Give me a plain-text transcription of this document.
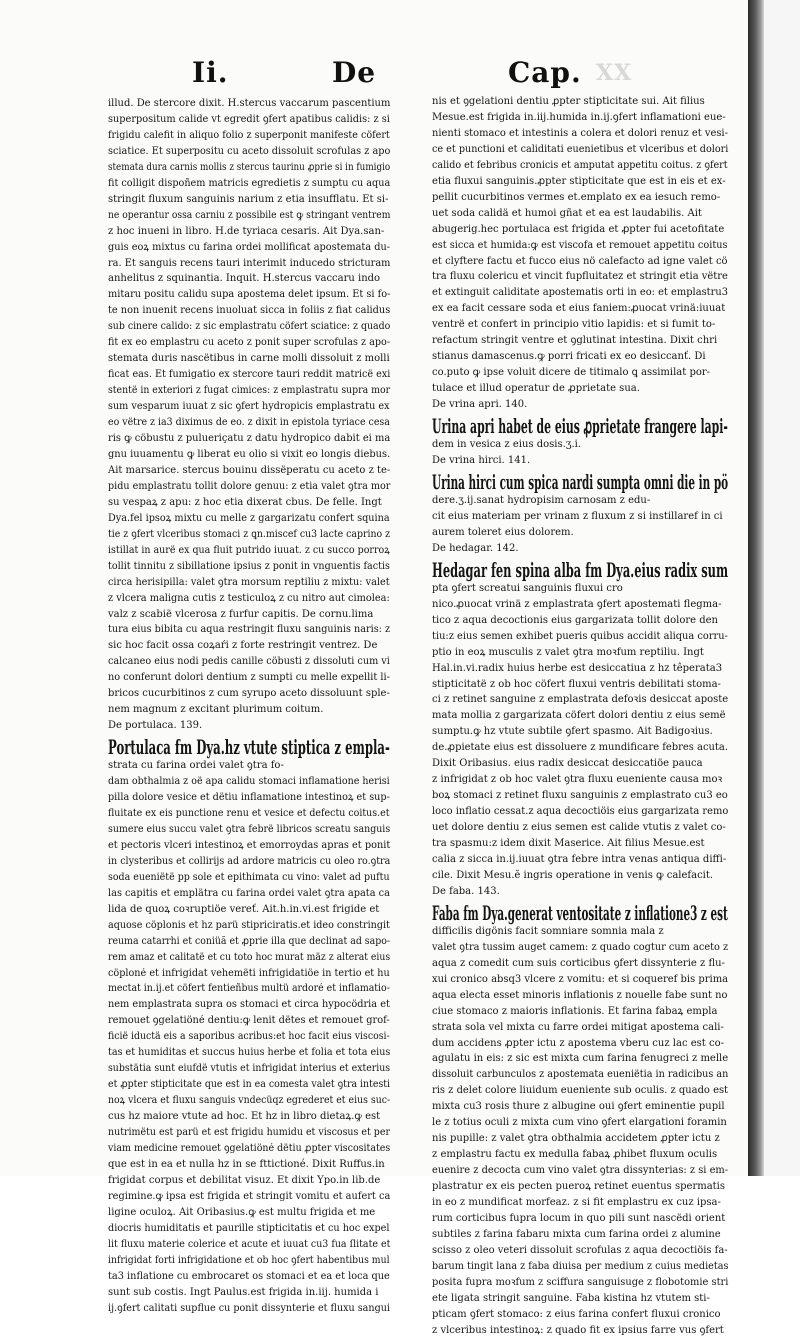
Ii.	De	Cap. XX
illud. De stercore dixit. H.stercus vaccarum pascentium
superpositum calide vt egredit ꝯfert apatibus calidis: z si
frigidu calefit in aliquo folio z superponit manifeste cöfert
sciatice. Et superpositu cu aceto dissoluit scrofulas z apo
stemata dura carnis mollis z stercus taurinu ꝓprie si in fumigio
fit colligit dispoñem matricis egredietis z sumptu cu aqua
stringit fluxum sanguinis narium z etia insufflatu. Et si-
ne operantur ossa carniu z possibile est ꝙ stringant ventrem
z hoc inueni in libro. H.de tyriaca cesaris. Ait Dya.san-
guis eoꝝ mixtus cu farina ordei mollificat apostemata du-
ra. Et sanguis recens tauri interimit inducedo stricturam
anhelitus z squinantia. Inquit. H.stercus vaccaru indo
mitaru positu calidu supa apostema delet ipsum. Et si fo-
te non inuenit recens inuoluat sicca in foliis z fiat calidus
sub cinere calido: z sic emplastratu cöfert sciatice: z quado
fit ex eo emplastru cu aceto z ponit super scrofulas z apo-
stemata duris nascëtibus in carne molli dissoluit z molli
ficat eas. Et fumigatio ex stercore tauri reddit matricë exi
stentë in exteriori z fugat cimices: z emplastratu supra mor
sum vesparum iuuat z sic ꝯfert hydropicis emplastratu ex
eo vëtre z ia3 diximus de eo. z dixit in epistola tyriace cesa
ris ꝙ cöbustu z pulueriçatu z datu hydropico dabit ei ma
gnu iuuamentu ꝙ liberat eu olio si vixit eo longis diebus.
Ait marsarice. stercus bouinu dissëperatu cu aceto z te-
pidu emplastratu tollit dolore genuu: z etia valet ꝯtra mor
su vespaꝝ z apu: z hoc etia dixerat cbus. De felle. Ingt
Dya.fel ipsoꝝ mixtu cu melle z gargarizatu confert squina
tie z ꝯfert vlceribus stomaci z ꝗn.miscef cu3 lacte caprino z
istillat in aurë ex qua fluit putrido iuuat. z cu succo porroꝝ
tollit tinnitu z sibillatione ipsius z ponit in vnguentis factis
circa herisipilla: valet ꝯtra morsum reptiliu z mixtu: valet
z vlcera maligna cutis z testiculoꝝ z cu nitro aut cimolea:
valz z scabië vlcerosa z furfur capitis. De cornu.lima
tura eius bibita cu aqua restringit fluxu sanguinis naris: z
sic hoc facit ossa coꝝaŕi z forte restringit ventrez. De
calcaneo eius nodi pedis canille cöbusti z dissoluti cum vi
no conferunt dolori dentium z sumpti cu melle expellit li-
bricos cucurbitinos z cum syrupo aceto dissoluunt sple-
nem magnum z excitant plurimum coitum.
De portulaca. 139.
Portulaca fm Dya.hz vtute stiptica z empla-
strata cu farina ordei valet ꝯtra fo-
dam obthalmia z oë apa calidu stomaci inflamatione herisi
pilla dolore vesice et dëtiu inflamatione intestinoꝝ et sup-
fluitate ex eis punctione renu et vesice et defectu coitus.et
sumere eius succu valet ꝯtra febrë libricos screatu sanguis
et pectoris vlceri intestinoꝝ et emorroydas apras et ponit
in clysteribus et collirijs ad ardore matricis cu oleo ro.ꝯtra
soda eueniëtë pp sole et epithimata cu vino: valet ad puftu
las capitis et emplätra cu farina ordei valet ꝯtra apata ca
lida de quoꝝ coꝛruptiöe vereť. Ait.h.in.vi.est frigide et
aquose cöplonis et hz parü stipriciratis.et ideo constringit
reuma catarrhi et coniüă et ꝓprie illa que declinat ad sapo-
rem amaz et calitatë et cu toto hoc murat mäz z alterat eius
cöploné et infrigidat vehemëti infrigidatiöe in tertio et hu
mectat in.ij.et cöfert fentieñbus multü ardoré et inflamatio-
nem emplastrata supra os stomaci et circa hypocödria et
remouet ꝯgelatiöné dentiu:ꝙ lenit dëtes et remouet grof-
ficië iductä eis a saporibus acribus:et hoc facit eius viscosi-
tas et humiditas et succus huius herbe et folia et tota eius
substätia sunt eiufdë vtutis et infrigidat interius et exterius
et ꝓpter stipticitate que est in ea comesta valet ꝯtra intesti
noꝝ vlcera et fluxu sanguis vndecüqz egrederet et eius suc-
cus hz maiore vtute ad hoc. Et hz in libro dietaꝝ.ꝙ est
nutrimëtu est parü et est frigidu humidu et viscosus et per
viam medicine remouet ꝯgelatiöné dëtiu ꝓpter viscositates
que est in ea et nulla hz in se fttictioné. Dixit Ruffus.in
frigidat corpus et debilitat visuz. Et dixit Ypo.in lib.de
regimine.ꝙ ipsa est frigida et stringit vomitu et aufert ca
ligine oculoꝝ. Ait Oribasius.ꝙ est multu frigida et me
diocris humiditatis et paurille stipticitatis et cu hoc expel
lit fluxu materie colerice et acute et iuuat cu3 fua ſlitate et
infrigidat forti infrigidatione et ob hoc ꝯfert habentibus mul
ta3 inflatione cu embrocaret os stomaci et ea et loca que
sunt sub costis. Ingt Paulus.est frigida in.iij. humida i
ij.ꝯfert calitati supflue cu ponit dissynterie et fluxu sangui
nis et ꝯgelationi dentiu ꝓpter stipticitate sui. Ait filius
Mesue.est frigida in.iij.humida in.ij.ꝯfert inflamationi eue-
nienti stomaco et intestinis a colera et dolori renuz et vesi-
ce et punctioni et caliditati euenietibus et vlceribus et dolori
calido et febribus cronicis et amputat appetitu coitus. z ꝯfert
etia fluxui sanguinis.ꝓpter stipticitate que est in eis et ex-
pellit cucurbitinos vermes et.emplato ex ea iesuch remo-
uet soda calidä et humoi gñat et ea est laudabilis. Ait
abugerig.hec portulaca est frigida et ꝓpter fui acetofitate
est sicca et humida:ꝙ est viscofa et remouet appetitu coitus
et clyftere factu et fucco eius nö calefacto ad igne valet cö
tra fluxu colericu et vincit fupfluitatez et stringit etia vëtre
et extinguit caliditate apostematis orti in eo: et emplastru3
ex ea facit cessare soda et eius faniem:ꝓuocat vrinä:iuuat
ventrë et confert in principio vitio lapidis: et si fumit to-
refactum stringit ventre et ꝯglutinat intestina. Dixit chri
stianus damascenus.ꝙ porri fricati ex eo desiccanť. Di
co.puto ꝙ ipse voluit dicere de titimalo ꝗ assimilat por-
tulace et illud operatur de ꝓprietate sua.
De vrina apri. 140.
Urina apri habet de eius ꝓprietate frangere lapi-
dem in vesica z eius dosis.ʒ.i.
De vrina hirci. 141.
Urina hirci cum spica nardi sumpta omni die in pö
dere.ʒ.ij.sanat hydropisim carnosam z edu-
cit eius materiam per vrinam z fluxum z si instillaref in ci
aurem toleret eius dolorem.
De hedagar. 142.
Hedagar fen spina alba fm Dya.eius radix sum
pta ꝯfert screatui sanguinis fluxui cro
nico.ꝓuocat vrinä z emplastrata ꝯfert apostemati flegma-
tico z aqua decoctionis eius gargarizata tollit dolore den
tiu:z eius semen exhibet pueris quibus accidit aliqua corru-
ptio in eoꝝ musculis z valet ꝯtra moꝛfum reptiliu. Ingt
Hal.in.vi.radix huius herbe est desiccatiua z hz têperata3
stipticitatë z ob hoc cöfert fluxui ventris debilitati stoma-
ci z retinet sanguine z emplastrata defoꝛis desiccat aposte
mata mollia z gargarizata cöfert dolori dentiu z eius semë
sumptu.ꝙ hz vtute subtile ꝯfert spasmo. Ait Badigoꝛius.
de.ꝓpietate eius est dissoluere z mundificare febres acuta.
Dixit Oribasius. eius radix desiccat desiccatiöe pauca
z infrigidat z ob hoc valet ꝯtra fluxu eueniente causa moꝛ
boꝝ stomaci z retinet fluxu sanguinis z emplastrato cu3 eo
loco inflatio cessat.z aqua decoctiöis eius gargarizata remo
uet dolore dentiu z eius semen est calide vtutis z valet co-
tra spasmu:z idem dixit Maserice. Ait filius Mesue.est
calia z sicca in.ij.iuuat ꝯtra febre intra venas antiqua diffi-
cile. Dixit Mesu.ĕ ingris operatione in venis ꝙ calefacit.
De faba. 143.
Faba fm Dya.generat ventositate z inflatione3 z est
difficilis digönis facit somniare somnia mala z
valet ꝯtra tussim auget camem: z quado cogtur cum aceto z
aqua z comedit cum suis corticibus ꝯfert dissynterie z flu-
xui cronico absq3 vlcere z vomitu: et si coqueref bis prima
aqua electa esset minoris inflationis z nouelle fabe sunt no
ciue stomaco z maioris inflationis. Et farina fabaꝝ empla
strata sola vel mixta cu farre ordei mitigat apostema cali-
dum accidens ꝓpter ictu z apostema vberu cuz lac est co-
agulatu in eis: z sic est mixta cum farina fenugreci z melle
dissoluit carbunculos z apostemata eueniëtia in radicibus an
ris z delet colore liuidum eueniente sub oculis. z quado est
mixta cu3 rosis thure z albugine oui ꝯfert eminentie pupil
le z totius oculi z mixta cum vino ꝯfert elargationi foramin
nis pupille: z valet ꝯtra obthalmia accidetem ꝓpter ictu z
z emplastru factu ex medulla fabaꝝ ꝓhibet fluxum oculis
euenire z decocta cum vino valet ꝯtra dissynterias: z si em-
plastratur ex eis pecten pueroꝝ retinet euentus spermatis
in eo z mundificat morfeaz. z si fit emplastru ex cuz ipsa-
rum corticibus fupra locum in quo pili sunt nascëdi orient
subtiles z farina fabaru mixta cum farina ordei z alumine
scisso z oleo veteri dissoluit scrofulas z aqua decoctiöis fa-
barum tingit lana z faba diuisa per medium z cuius medietas
posita fupra moꝛfum z sciffura sanguisuge z flobotomie stri
ete ligata stringit sanguine. Faba kistina hz vtutem sti-
pticam ꝯfert stomaco: z eius farina confert fluxui cronico
z vlceribus intestinoꝝ: z quado fit ex ipsius farre vus ꝯfert
